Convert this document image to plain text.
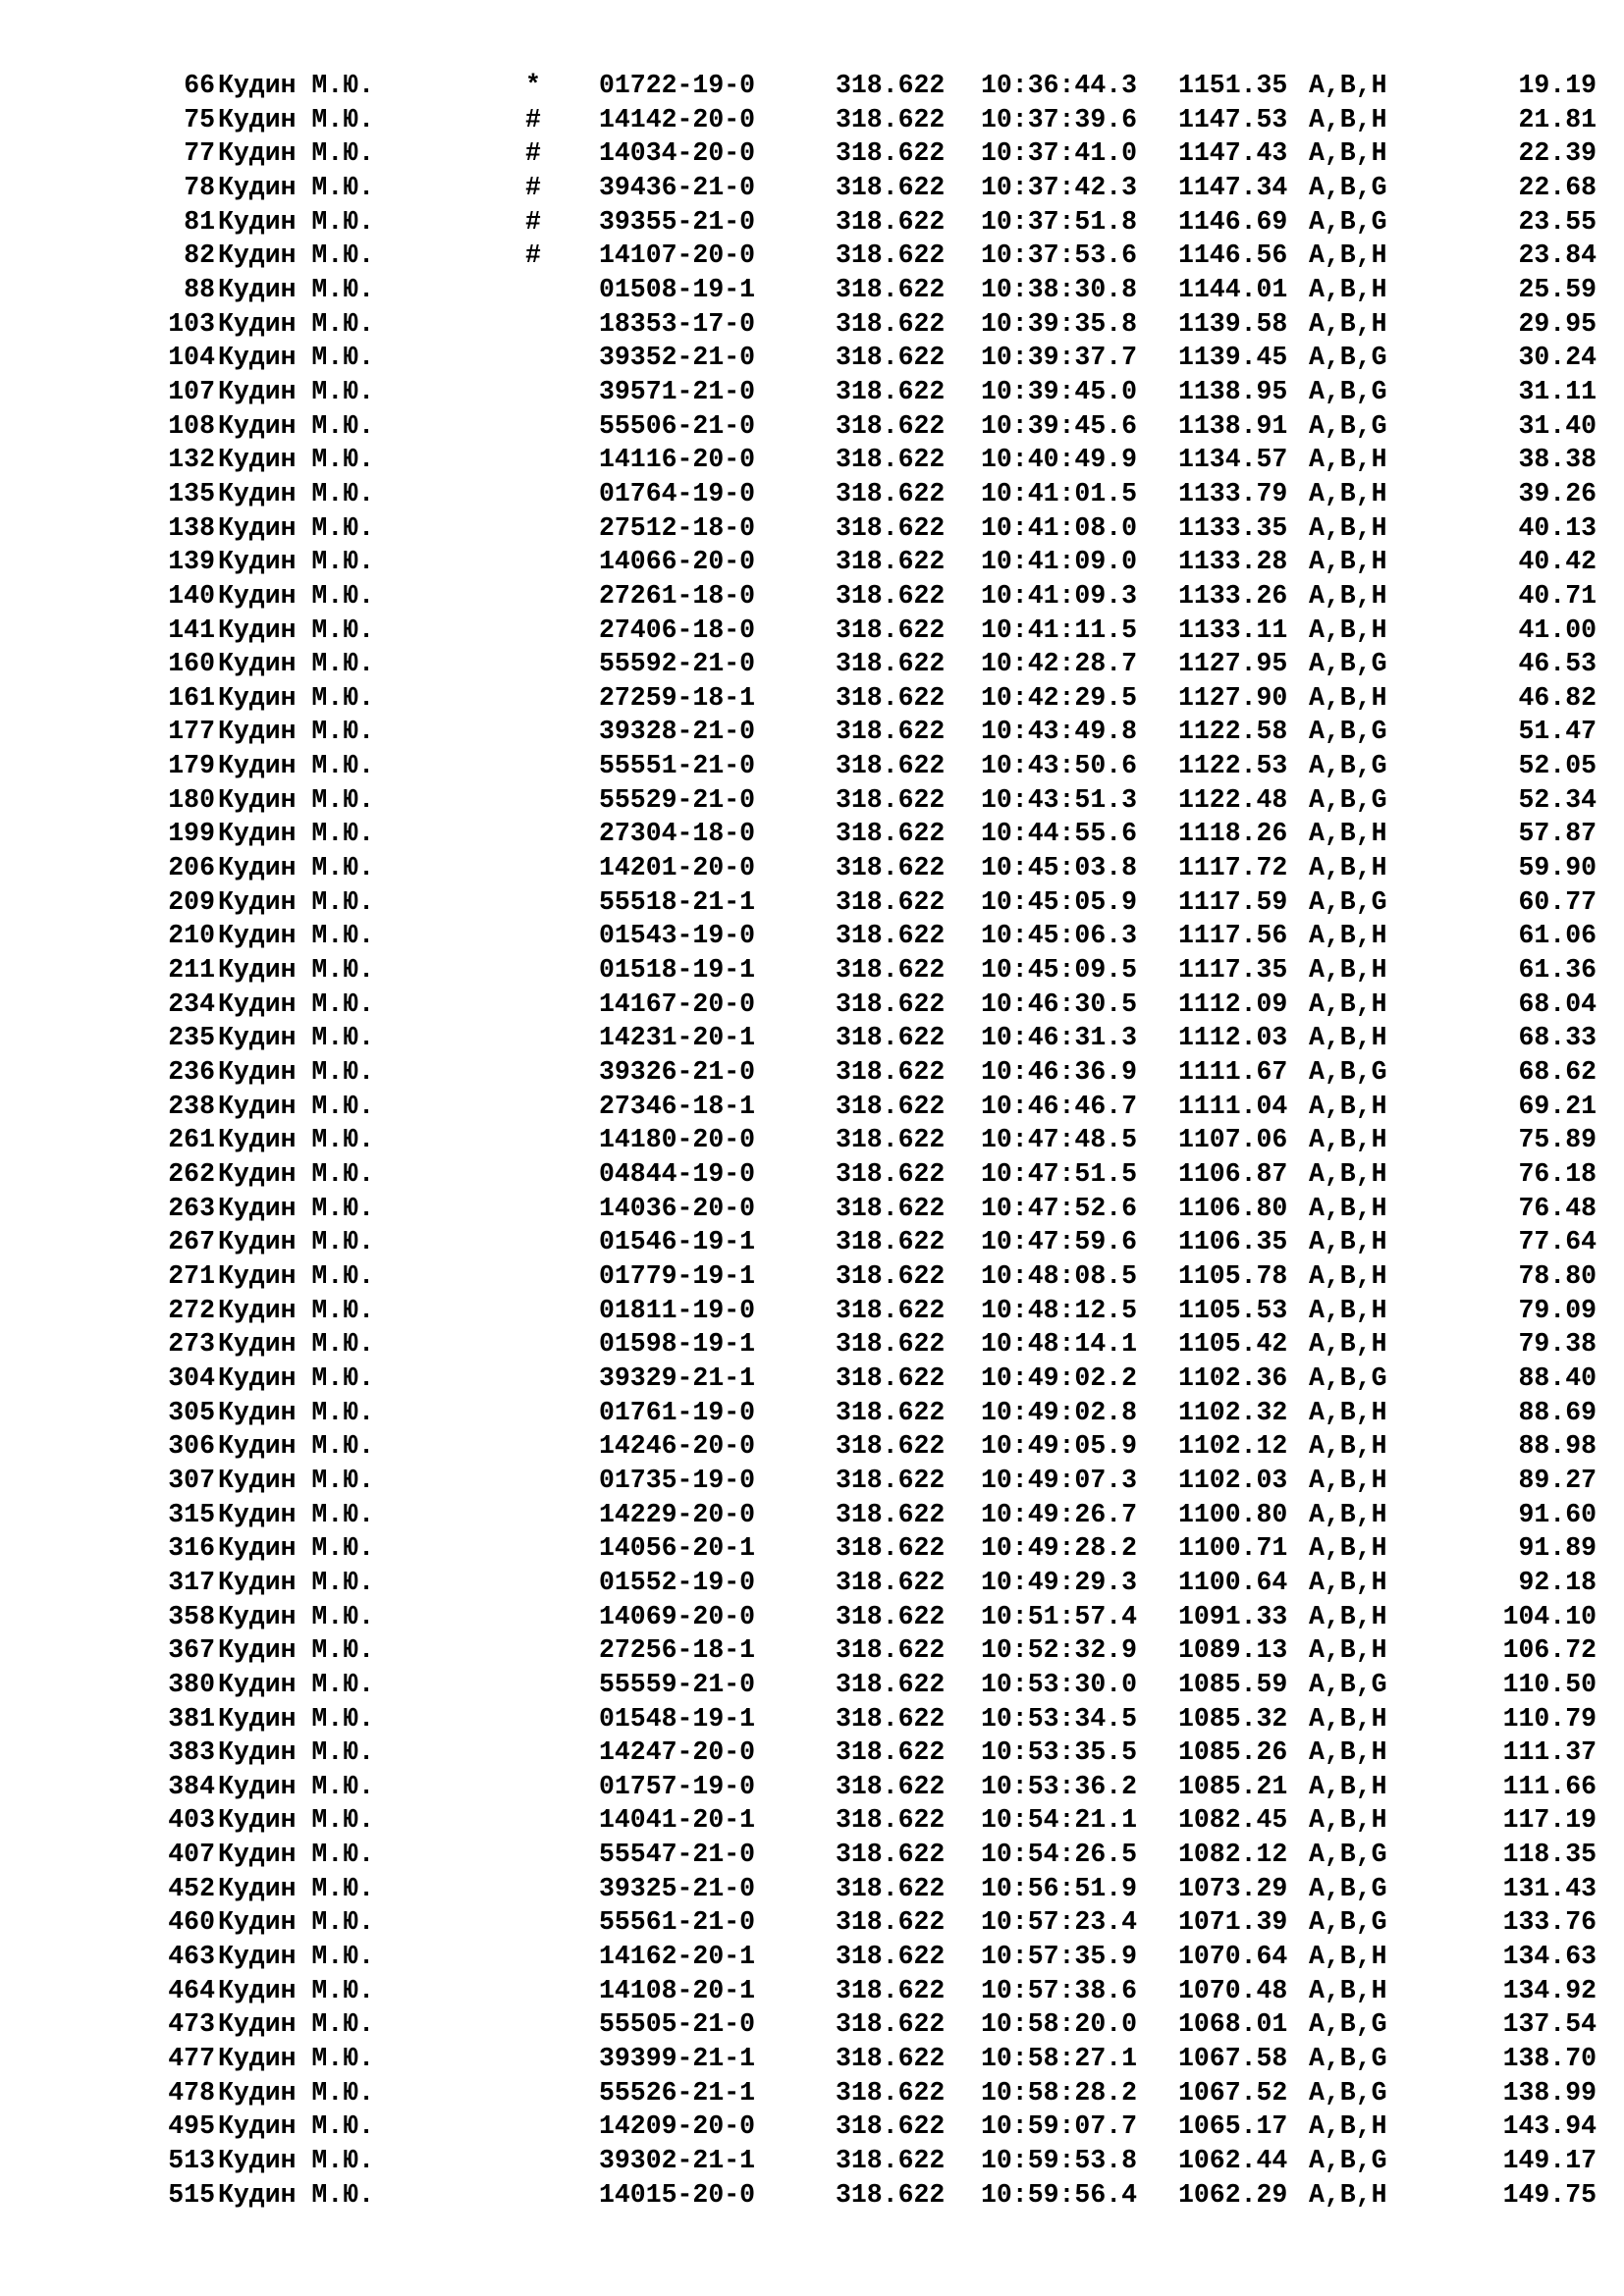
66 Кудин М.Ю.	* 01722-19-0	318.622 10:36:44.3 1151.35 A,B,H	19.19
75 Кудин М.Ю.	# 14142-20-0	318.622 10:37:39.6 1147.53 A,B,H	21.81
77 Кудин М.Ю.	# 14034-20-0	318.622 10:37:41.0 1147.43 A,B,H	22.39
78 Кудин М.Ю.	# 39436-21-0	318.622 10:37:42.3 1147.34 A,B,G	22.68
81 Кудин М.Ю.	# 39355-21-0	318.622 10:37:51.8 1146.69 A,B,G	23.55
82 Кудин М.Ю.	# 14107-20-0	318.622 10:37:53.6 1146.56 A,B,H	23.84
88 Кудин М.Ю.	01508-19-1	318.622 10:38:30.8 1144.01 A,B,H	25.59
103 Кудин М.Ю.	18353-17-0	318.622 10:39:35.8 1139.58 A,B,H	29.95
104 Кудин М.Ю.	39352-21-0	318.622 10:39:37.7 1139.45 A,B,G	30.24
107 Кудин М.Ю.	39571-21-0	318.622 10:39:45.0 1138.95 A,B,G	31.11
108 Кудин М.Ю.	55506-21-0	318.622 10:39:45.6 1138.91 A,B,G	31.40
132 Кудин М.Ю.	14116-20-0	318.622 10:40:49.9 1134.57 A,B,H	38.38
135 Кудин М.Ю.	01764-19-0	318.622 10:41:01.5 1133.79 A,B,H	39.26
138 Кудин М.Ю.	27512-18-0	318.622 10:41:08.0 1133.35 A,B,H	40.13
139 Кудин М.Ю.	14066-20-0	318.622 10:41:09.0 1133.28 A,B,H	40.42
140 Кудин М.Ю.	27261-18-0	318.622 10:41:09.3 1133.26 A,B,H	40.71
141 Кудин М.Ю.	27406-18-0	318.622 10:41:11.5 1133.11 A,B,H	41.00
160 Кудин М.Ю.	55592-21-0	318.622 10:42:28.7 1127.95 A,B,G	46.53
161 Кудин М.Ю.	27259-18-1	318.622 10:42:29.5 1127.90 A,B,H	46.82
177 Кудин М.Ю.	39328-21-0	318.622 10:43:49.8 1122.58 A,B,G	51.47
179 Кудин М.Ю.	55551-21-0	318.622 10:43:50.6 1122.53 A,B,G	52.05
180 Кудин М.Ю.	55529-21-0	318.622 10:43:51.3 1122.48 A,B,G	52.34
199 Кудин М.Ю.	27304-18-0	318.622 10:44:55.6 1118.26 A,B,H	57.87
206 Кудин М.Ю.	14201-20-0	318.622 10:45:03.8 1117.72 A,B,H	59.90
209 Кудин М.Ю.	55518-21-1	318.622 10:45:05.9 1117.59 A,B,G	60.77
210 Кудин М.Ю.	01543-19-0	318.622 10:45:06.3 1117.56 A,B,H	61.06
211 Кудин М.Ю.	01518-19-1	318.622 10:45:09.5 1117.35 A,B,H	61.36
234 Кудин М.Ю.	14167-20-0	318.622 10:46:30.5 1112.09 A,B,H	68.04
235 Кудин М.Ю.	14231-20-1	318.622 10:46:31.3 1112.03 A,B,H	68.33
236 Кудин М.Ю.	39326-21-0	318.622 10:46:36.9 1111.67 A,B,G	68.62
238 Кудин М.Ю.	27346-18-1	318.622 10:46:46.7 1111.04 A,B,H	69.21
261 Кудин М.Ю.	14180-20-0	318.622 10:47:48.5 1107.06 A,B,H	75.89
262 Кудин М.Ю.	04844-19-0	318.622 10:47:51.5 1106.87 A,B,H	76.18
263 Кудин М.Ю.	14036-20-0	318.622 10:47:52.6 1106.80 A,B,H	76.48
267 Кудин М.Ю.	01546-19-1	318.622 10:47:59.6 1106.35 A,B,H	77.64
271 Кудин М.Ю.	01779-19-1	318.622 10:48:08.5 1105.78 A,B,H	78.80
272 Кудин М.Ю.	01811-19-0	318.622 10:48:12.5 1105.53 A,B,H	79.09
273 Кудин М.Ю.	01598-19-1	318.622 10:48:14.1 1105.42 A,B,H	79.38
304 Кудин М.Ю.	39329-21-1	318.622 10:49:02.2 1102.36 A,B,G	88.40
305 Кудин М.Ю.	01761-19-0	318.622 10:49:02.8 1102.32 A,B,H	88.69
306 Кудин М.Ю.	14246-20-0	318.622 10:49:05.9 1102.12 A,B,H	88.98
307 Кудин М.Ю.	01735-19-0	318.622 10:49:07.3 1102.03 A,B,H	89.27
315 Кудин М.Ю.	14229-20-0	318.622 10:49:26.7 1100.80 A,B,H	91.60
316 Кудин М.Ю.	14056-20-1	318.622 10:49:28.2 1100.71 A,B,H	91.89
317 Кудин М.Ю.	01552-19-0	318.622 10:49:29.3 1100.64 A,B,H	92.18
358 Кудин М.Ю.	14069-20-0	318.622 10:51:57.4 1091.33 A,B,H	104.10
367 Кудин М.Ю.	27256-18-1	318.622 10:52:32.9 1089.13 A,B,H	106.72
380 Кудин М.Ю.	55559-21-0	318.622 10:53:30.0 1085.59 A,B,G	110.50
381 Кудин М.Ю.	01548-19-1	318.622 10:53:34.5 1085.32 A,B,H	110.79
383 Кудин М.Ю.	14247-20-0	318.622 10:53:35.5 1085.26 A,B,H	111.37
384 Кудин М.Ю.	01757-19-0	318.622 10:53:36.2 1085.21 A,B,H	111.66
403 Кудин М.Ю.	14041-20-1	318.622 10:54:21.1 1082.45 A,B,H	117.19
407 Кудин М.Ю.	55547-21-0	318.622 10:54:26.5 1082.12 A,B,G	118.35
452 Кудин М.Ю.	39325-21-0	318.622 10:56:51.9 1073.29 A,B,G	131.43
460 Кудин М.Ю.	55561-21-0	318.622 10:57:23.4 1071.39 A,B,G	133.76
463 Кудин М.Ю.	14162-20-1	318.622 10:57:35.9 1070.64 A,B,H	134.63
464 Кудин М.Ю.	14108-20-1	318.622 10:57:38.6 1070.48 A,B,H	134.92
473 Кудин М.Ю.	55505-21-0	318.622 10:58:20.0 1068.01 A,B,G	137.54
477 Кудин М.Ю.	39399-21-1	318.622 10:58:27.1 1067.58 A,B,G	138.70
478 Кудин М.Ю.	55526-21-1	318.622 10:58:28.2 1067.52 A,B,G	138.99
495 Кудин М.Ю.	14209-20-0	318.622 10:59:07.7 1065.17 A,B,H	143.94
513 Кудин М.Ю.	39302-21-1	318.622 10:59:53.8 1062.44 A,B,G	149.17
515 Кудин М.Ю.	14015-20-0	318.622 10:59:56.4 1062.29 A,B,H	149.75
